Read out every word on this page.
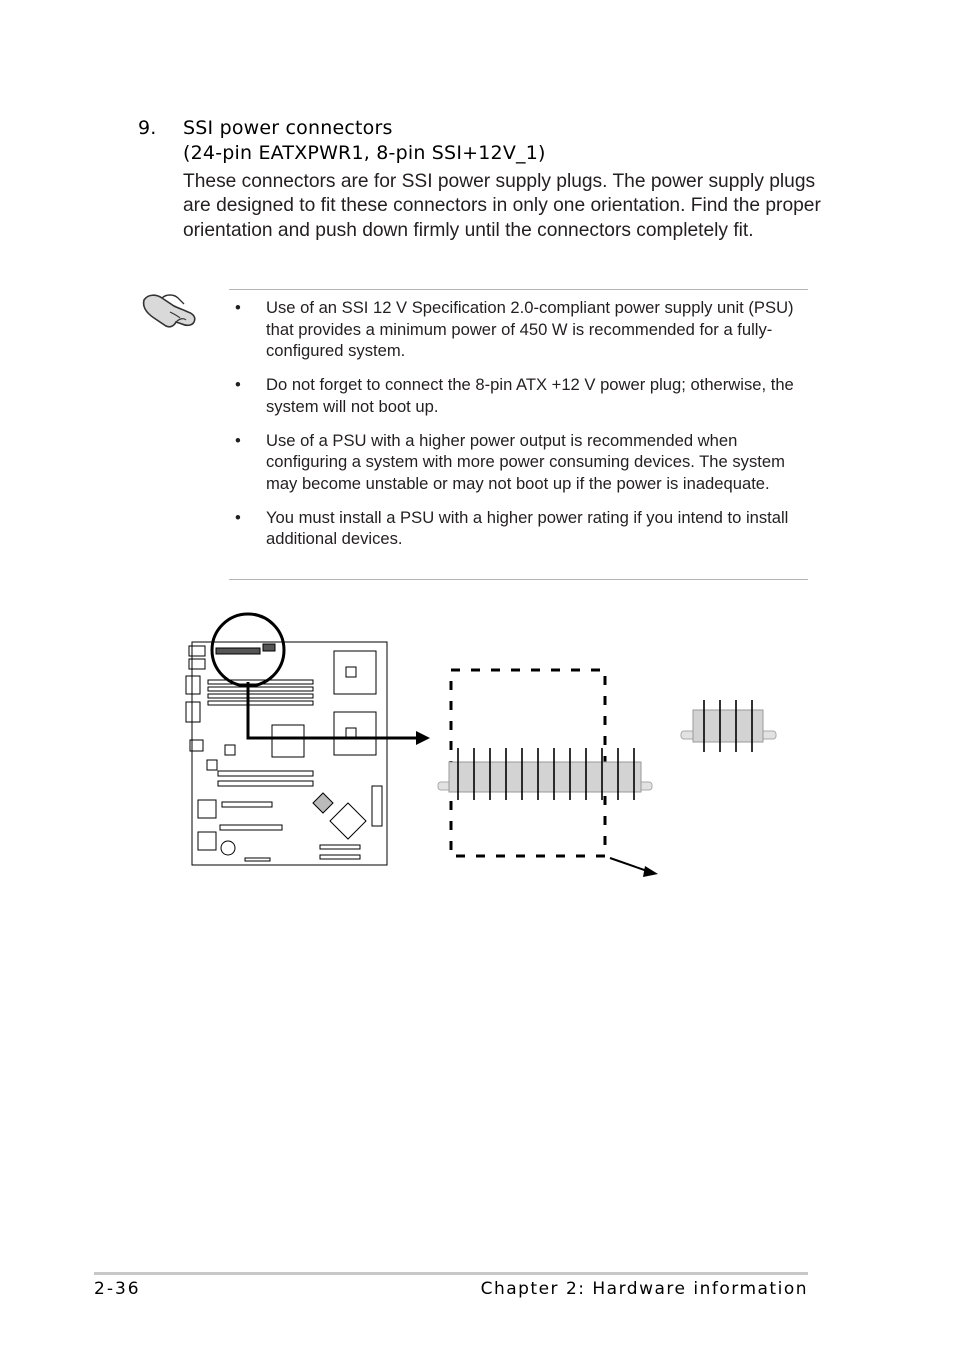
9. SSI power connectors
(24-pin EATXPWR1, 8-pin SSI+12V_1)

These connectors are for SSI power supply plugs. The power supply plugs are designed to fit these connectors in only one orientation. Find the proper orientation and push down firmly until the connectors completely fit.

• Use of an SSI 12 V Specification 2.0-compliant power supply unit (PSU) that provides a minimum power of 450 W is recommended for a fully-configured system.
• Do not forget to connect the 8-pin ATX +12 V power plug; otherwise, the system will not boot up.
• Use of a PSU with a higher power output is recommended when configuring a system with more power consuming devices. The system may become unstable or may not boot up if the power is inadequate.
• You must install a PSU with a higher power rating if you intend to install additional devices.
2-36	Chapter 2: Hardware information
